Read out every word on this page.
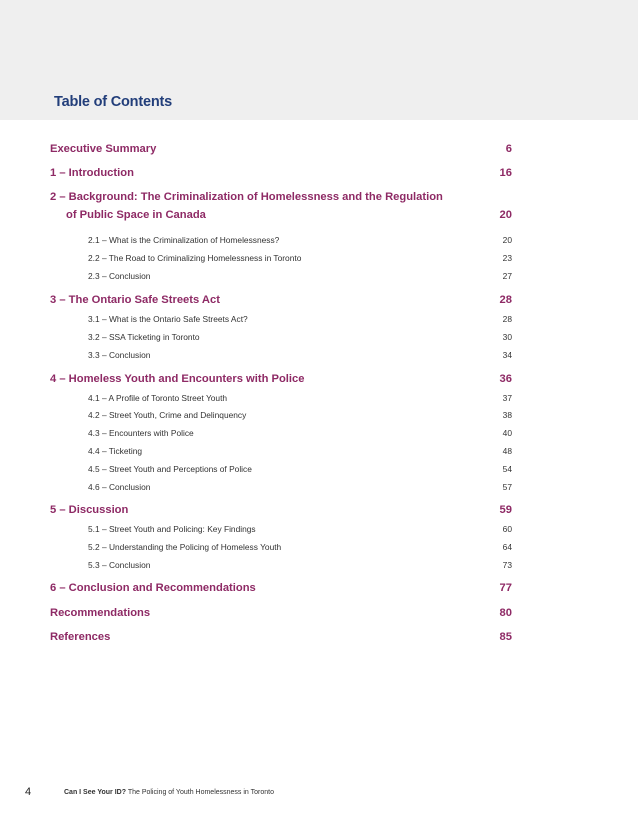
Table of Contents
Executive Summary	6
1 – Introduction	16
2 – Background: The Criminalization of Homelessness and the Regulation
of Public Space in Canada	20
2.1 – What is the Criminalization of Homelessness?	20
2.2 – The Road to Criminalizing Homelessness in Toronto	23
2.3 – Conclusion	27
3 – The Ontario Safe Streets Act	28
3.1 – What is the Ontario Safe Streets Act?	28
3.2 – SSA Ticketing in Toronto	30
3.3 – Conclusion	34
4 – Homeless Youth and Encounters with Police	36
4.1 – A Profile of Toronto Street Youth	37
4.2 – Street Youth, Crime and Delinquency	38
4.3 – Encounters with Police	40
4.4 – Ticketing	48
4.5 – Street Youth and Perceptions of Police	54
4.6 – Conclusion	57
5 – Discussion	59
5.1 – Street Youth and Policing: Key Findings	60
5.2 – Understanding the Policing of Homeless Youth	64
5.3 – Conclusion	73
6 – Conclusion and Recommendations	77
Recommendations	80
References	85
4	Can I See Your ID? The Policing of Youth Homelessness in Toronto
